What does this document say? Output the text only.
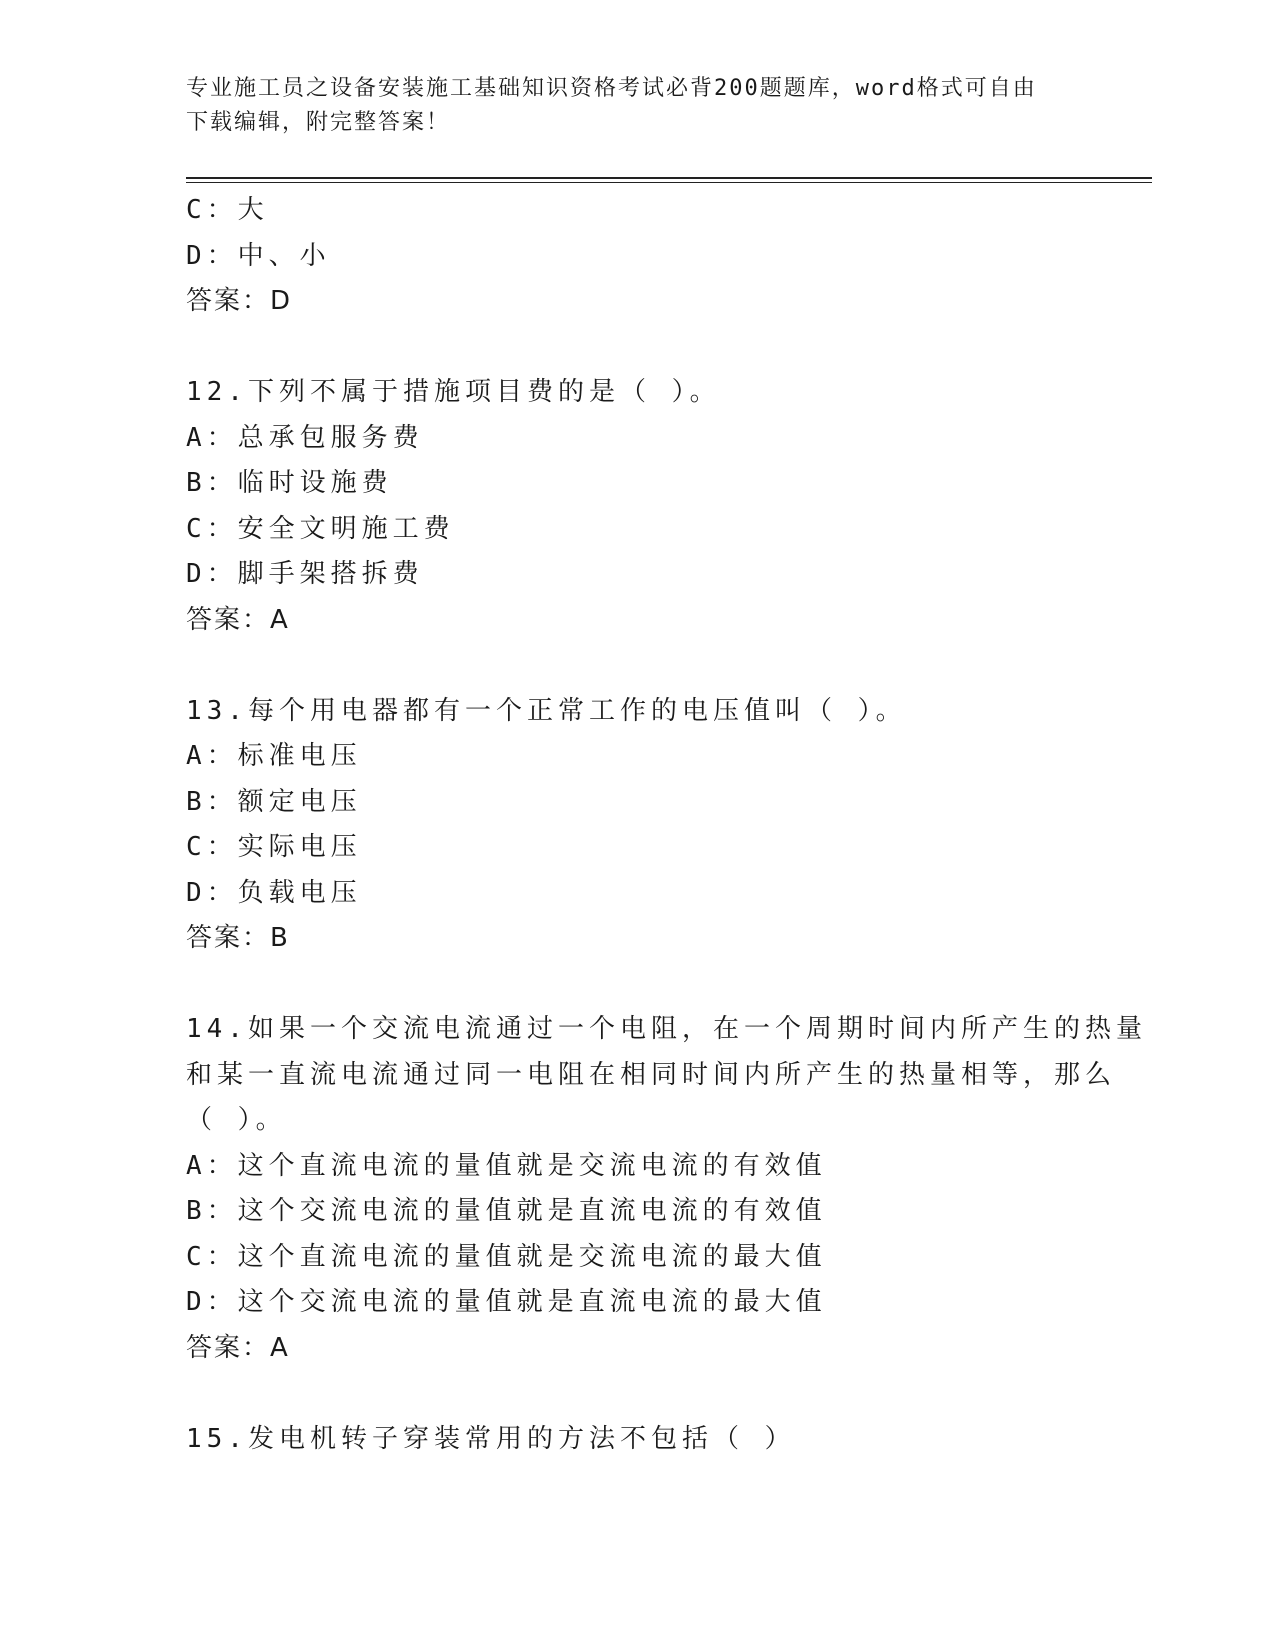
专业施工员之设备安装施工基础知识资格考试必背200题题库，word格式可自由
下载编辑，附完整答案！
C：大
D：中、小
答案：D
12.下列不属于措施项目费的是（ ）。
A：总承包服务费
B：临时设施费
C：安全文明施工费
D：脚手架搭拆费
答案：A
13.每个用电器都有一个正常工作的电压值叫（ ）。
A：标准电压
B：额定电压
C：实际电压
D：负载电压
答案：B
14.如果一个交流电流通过一个电阻，在一个周期时间内所产生的热量
和某一直流电流通过同一电阻在相同时间内所产生的热量相等，那么
（ ）。
A：这个直流电流的量值就是交流电流的有效值
B：这个交流电流的量值就是直流电流的有效值
C：这个直流电流的量值就是交流电流的最大值
D：这个交流电流的量值就是直流电流的最大值
答案：A
15.发电机转子穿装常用的方法不包括（ ）
